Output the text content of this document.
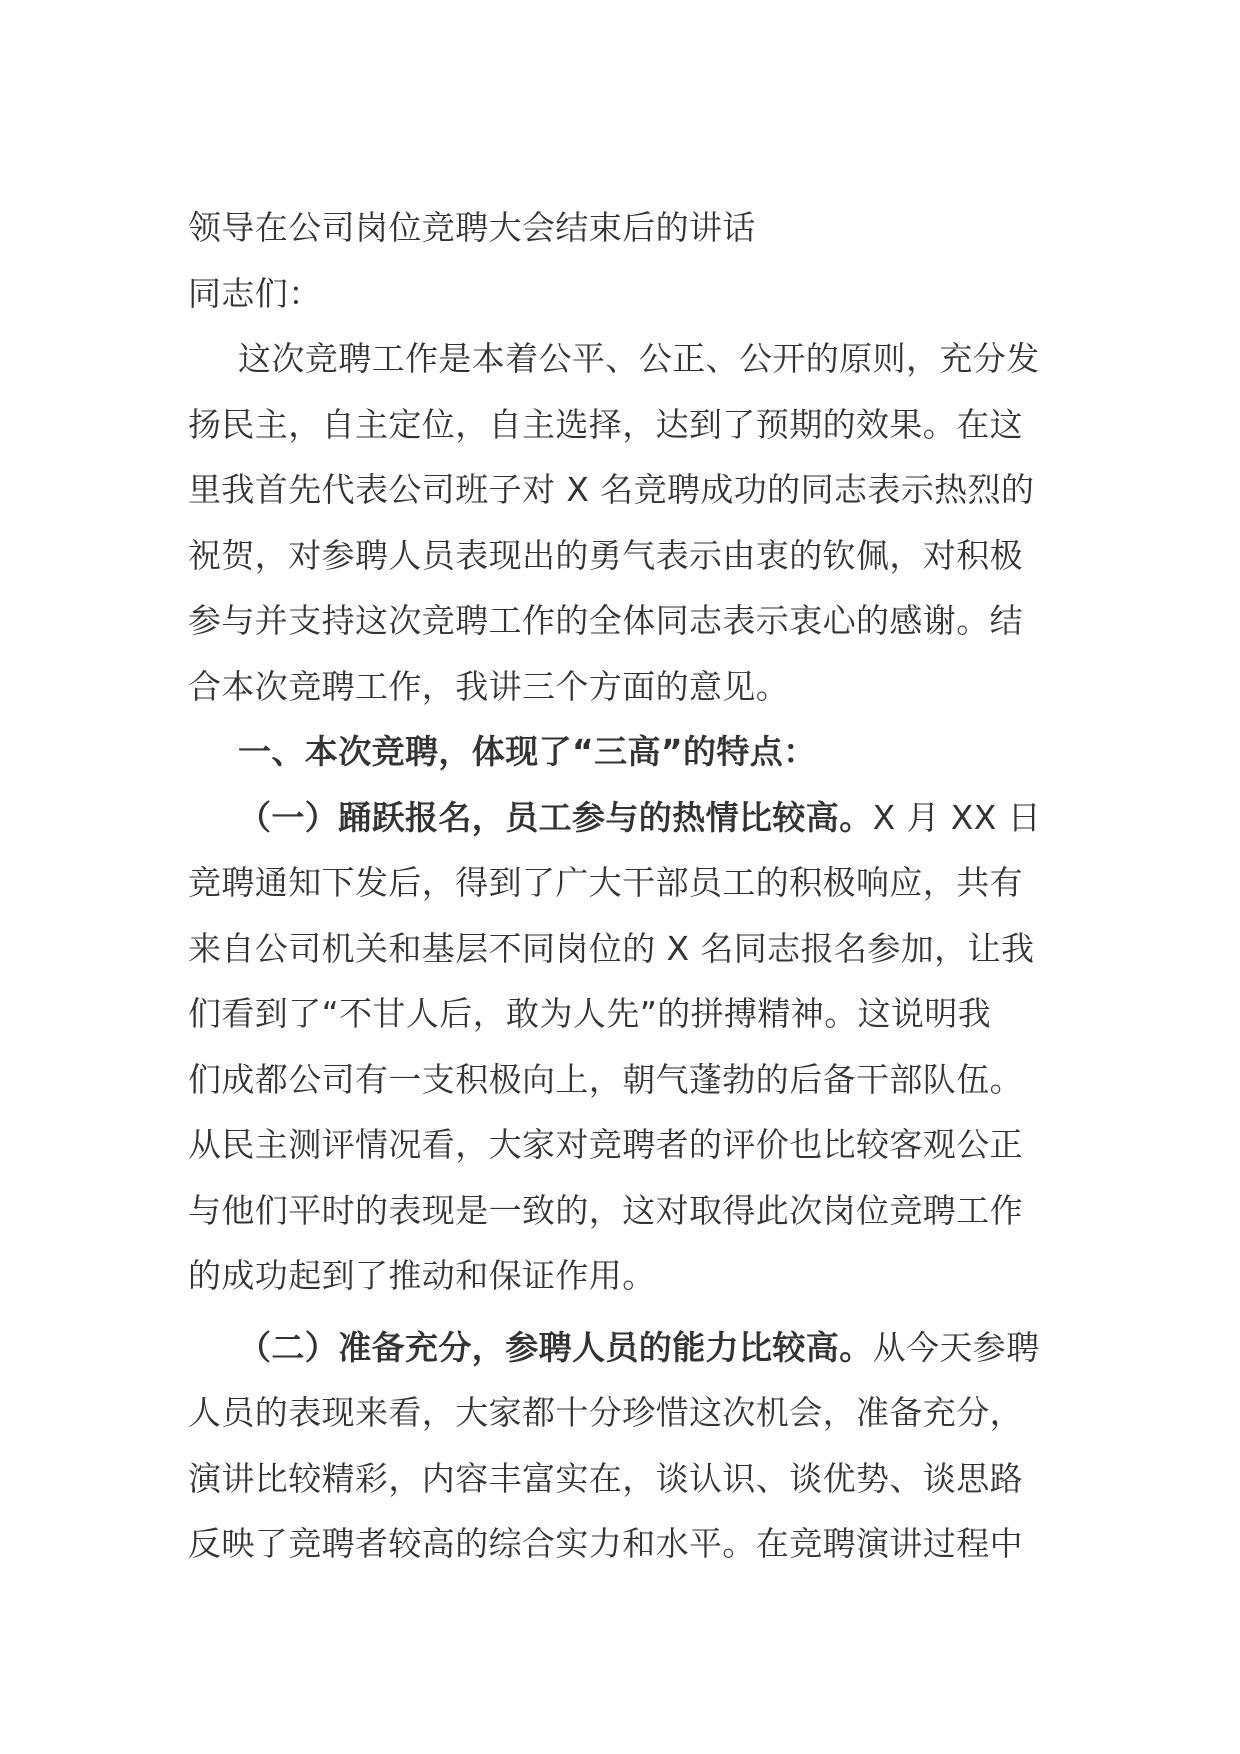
领导在公司岗位竞聘大会结束后的讲话
同志们：
这次竞聘工作是本着公平、公正、公开的原则，充分发
扬民主，自主定位，自主选择，达到了预期的效果。在这
里我首先代表公司班子对 X 名竞聘成功的同志表示热烈的
祝贺，对参聘人员表现出的勇气表示由衷的钦佩，对积极
参与并支持这次竞聘工作的全体同志表示衷心的感谢。结
合本次竞聘工作，我讲三个方面的意见。
一、本次竞聘，体现了“三高”的特点：
（一）踊跃报名，员工参与的热情比较高。X 月 XX 日
竞聘通知下发后，得到了广大干部员工的积极响应，共有
来自公司机关和基层不同岗位的 X 名同志报名参加，让我
们看到了“不甘人后，敢为人先”的拼搏精神。这说明我
们成都公司有一支积极向上，朝气蓬勃的后备干部队伍。
从民主测评情况看，大家对竞聘者的评价也比较客观公正
与他们平时的表现是一致的，这对取得此次岗位竞聘工作
的成功起到了推动和保证作用。
（二）准备充分，参聘人员的能力比较高。从今天参聘
人员的表现来看，大家都十分珍惜这次机会，准备充分，
演讲比较精彩，内容丰富实在，谈认识、谈优势、谈思路
反映了竞聘者较高的综合实力和水平。在竞聘演讲过程中
